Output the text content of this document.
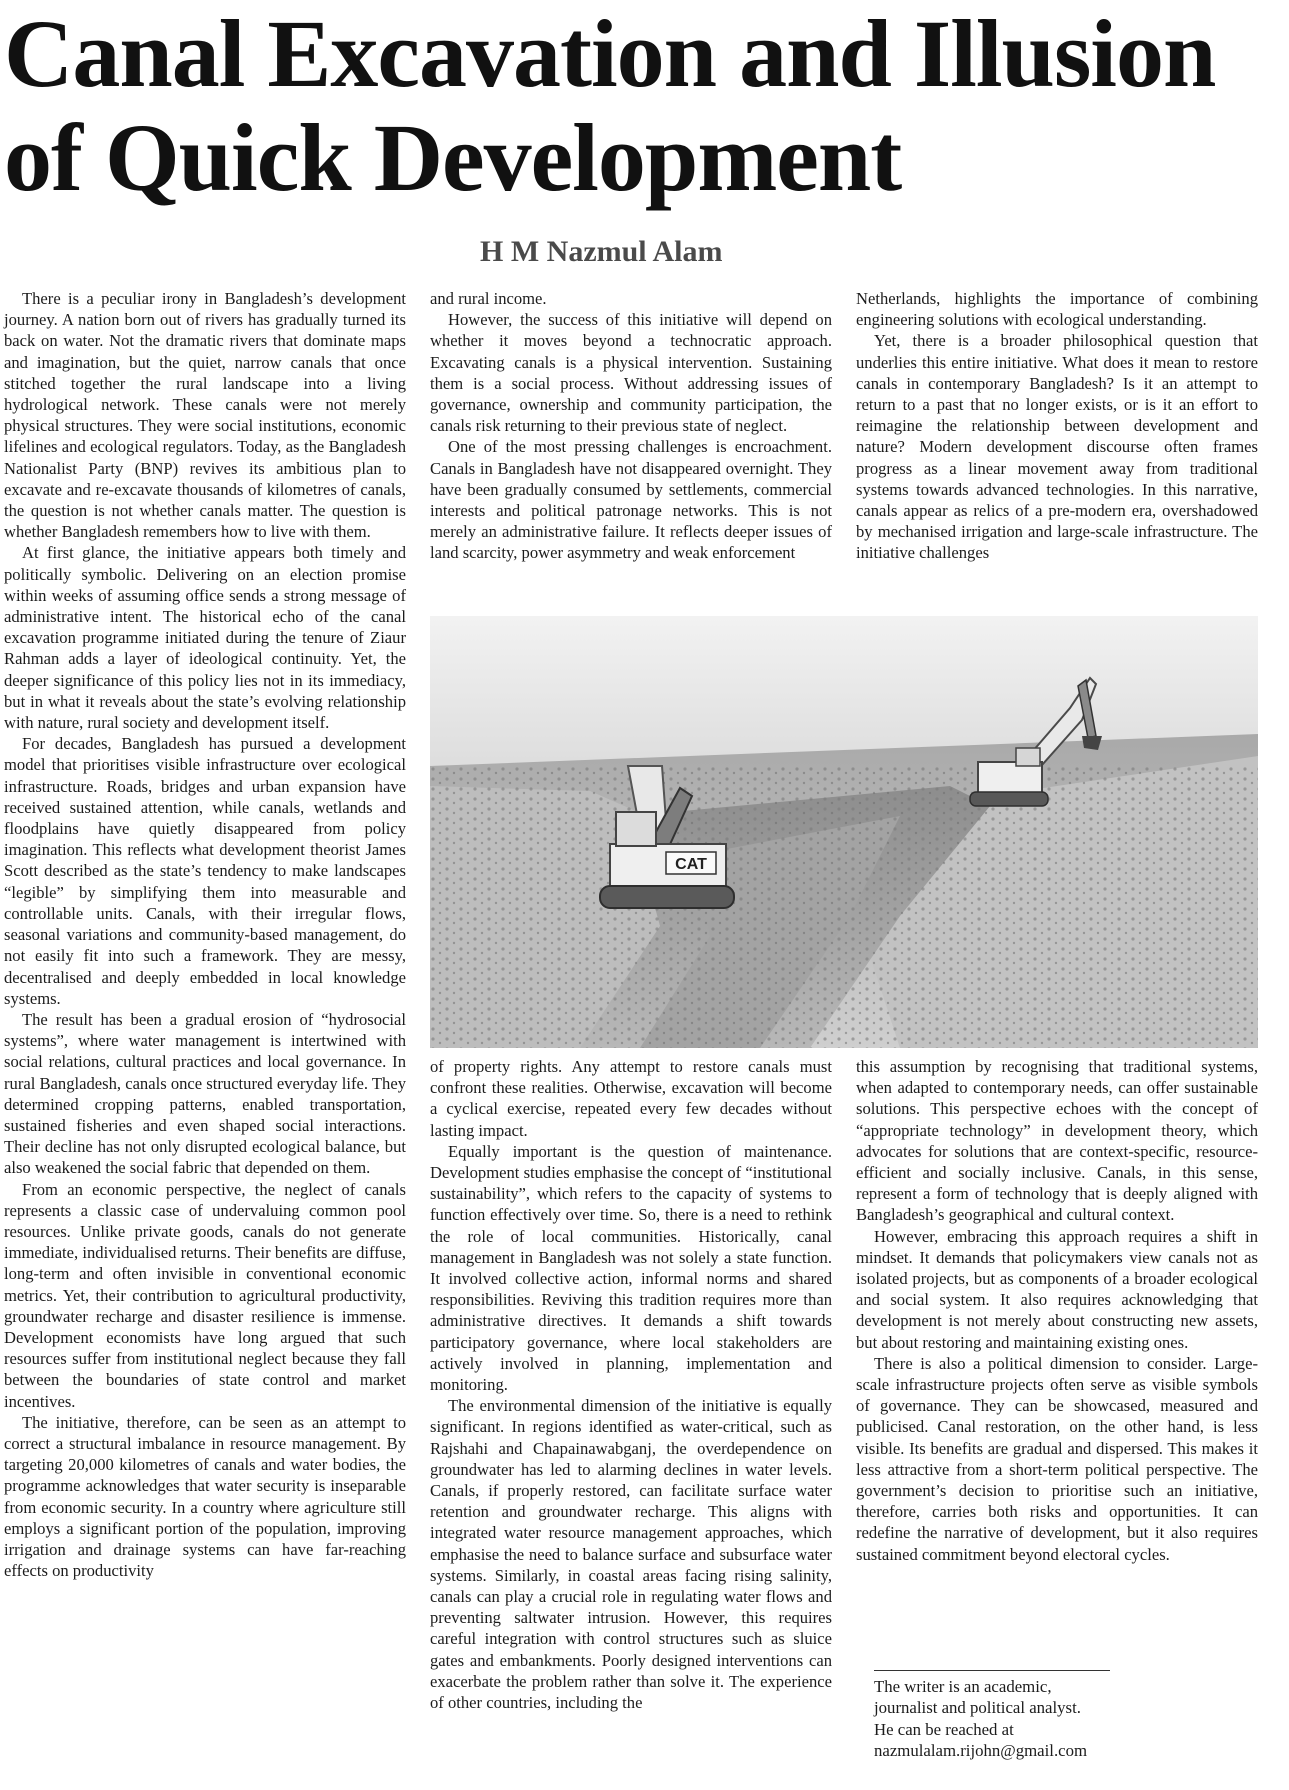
Canal Excavation and Illusion
of Quick Development
H M Nazmul Alam

There is a peculiar irony in Bangladesh’s development journey. A nation born out of rivers has gradually turned its back on water. Not the dramatic rivers that dominate maps and imagination, but the quiet, narrow canals that once stitched together the rural landscape into a living hydrological network. These canals were not merely physical structures. They were social institutions, economic lifelines and ecological regulators. Today, as the Bangladesh Nationalist Party (BNP) revives its ambitious plan to excavate and re-excavate thousands of kilometres of canals, the question is not whether canals matter. The question is whether Bangladesh remembers how to live with them.

At first glance, the initiative appears both timely and politically symbolic. Delivering on an election promise within weeks of assuming office sends a strong message of administrative intent. The historical echo of the canal excavation programme initiated during the tenure of Ziaur Rahman adds a layer of ideological continuity. Yet, the deeper significance of this policy lies not in its immediacy, but in what it reveals about the state’s evolving relationship with nature, rural society and development itself.

For decades, Bangladesh has pursued a development model that prioritises visible infrastructure over ecological infrastructure. Roads, bridges and urban expansion have received sustained attention, while canals, wetlands and floodplains have quietly disappeared from policy imagination. This reflects what development theorist James Scott described as the state’s tendency to make landscapes “legible” by simplifying them into measurable and controllable units. Canals, with their irregular flows, seasonal variations and community-based management, do not easily fit into such a framework. They are messy, decentralised and deeply embedded in local knowledge systems.

The result has been a gradual erosion of “hydrosocial systems”, where water management is intertwined with social relations, cultural practices and local governance. In rural Bangladesh, canals once structured everyday life. They determined cropping patterns, enabled transportation, sustained fisheries and even shaped social interactions. Their decline has not only disrupted ecological balance, but also weakened the social fabric that depended on them.

From an economic perspective, the neglect of canals represents a classic case of undervaluing common pool resources. Unlike private goods, canals do not generate immediate, individualised returns. Their benefits are diffuse, long-term and often invisible in conventional economic metrics. Yet, their contribution to agricultural productivity, groundwater recharge and disaster resilience is immense. Development economists have long argued that such resources suffer from institutional neglect because they fall between the boundaries of state control and market incentives.

The initiative, therefore, can be seen as an attempt to correct a structural imbalance in resource management. By targeting 20,000 kilometres of canals and water bodies, the programme acknowledges that water security is inseparable from economic security. In a country where agriculture still employs a significant portion of the population, improving irrigation and drainage systems can have far-reaching effects on productivity

and rural income.

However, the success of this initiative will depend on whether it moves beyond a technocratic approach. Excavating canals is a physical intervention. Sustaining them is a social process. Without addressing issues of governance, ownership and community participation, the canals risk returning to their previous state of neglect.

One of the most pressing challenges is encroachment. Canals in Bangladesh have not disappeared overnight. They have been gradually consumed by settlements, commercial interests and political patronage networks. This is not merely an administrative failure. It reflects deeper issues of land scarcity, power asymmetry and weak enforcement

Netherlands, highlights the importance of combining engineering solutions with ecological understanding.

Yet, there is a broader philosophical question that underlies this entire initiative. What does it mean to restore canals in contemporary Bangladesh? Is it an attempt to return to a past that no longer exists, or is it an effort to reimagine the relationship between development and nature? Modern development discourse often frames progress as a linear movement away from traditional systems towards advanced technologies. In this narrative, canals appear as relics of a pre-modern era, overshadowed by mechanised irrigation and large-scale infrastructure. The initiative challenges

CAT

of property rights. Any attempt to restore canals must confront these realities. Otherwise, excavation will become a cyclical exercise, repeated every few decades without lasting impact.

Equally important is the question of maintenance. Development studies emphasise the concept of “institutional sustainability”, which refers to the capacity of systems to function effectively over time. So, there is a need to rethink the role of local communities. Historically, canal management in Bangladesh was not solely a state function. It involved collective action, informal norms and shared responsibilities. Reviving this tradition requires more than administrative directives. It demands a shift towards participatory governance, where local stakeholders are actively involved in planning, implementation and monitoring.

The environmental dimension of the initiative is equally significant. In regions identified as water-critical, such as Rajshahi and Chapainawabganj, the overdependence on groundwater has led to alarming declines in water levels. Canals, if properly restored, can facilitate surface water retention and groundwater recharge. This aligns with integrated water resource management approaches, which emphasise the need to balance surface and subsurface water systems. Similarly, in coastal areas facing rising salinity, canals can play a crucial role in regulating water flows and preventing saltwater intrusion. However, this requires careful integration with control structures such as sluice gates and embankments. Poorly designed interventions can exacerbate the problem rather than solve it. The experience of other countries, including the

this assumption by recognising that traditional systems, when adapted to contemporary needs, can offer sustainable solutions. This perspective echoes with the concept of “appropriate technology” in development theory, which advocates for solutions that are context-specific, resource-efficient and socially inclusive. Canals, in this sense, represent a form of technology that is deeply aligned with Bangladesh’s geographical and cultural context.

However, embracing this approach requires a shift in mindset. It demands that policymakers view canals not as isolated projects, but as components of a broader ecological and social system. It also requires acknowledging that development is not merely about constructing new assets, but about restoring and maintaining existing ones.

There is also a political dimension to consider. Large-scale infrastructure projects often serve as visible symbols of governance. They can be showcased, measured and publicised. Canal restoration, on the other hand, is less visible. Its benefits are gradual and dispersed. This makes it less attractive from a short-term political perspective. The government’s decision to prioritise such an initiative, therefore, carries both risks and opportunities. It can redefine the narrative of development, but it also requires sustained commitment beyond electoral cycles.

The writer is an academic,
journalist and political analyst.
He can be reached at
nazmulalam.rijohn@gmail.com
